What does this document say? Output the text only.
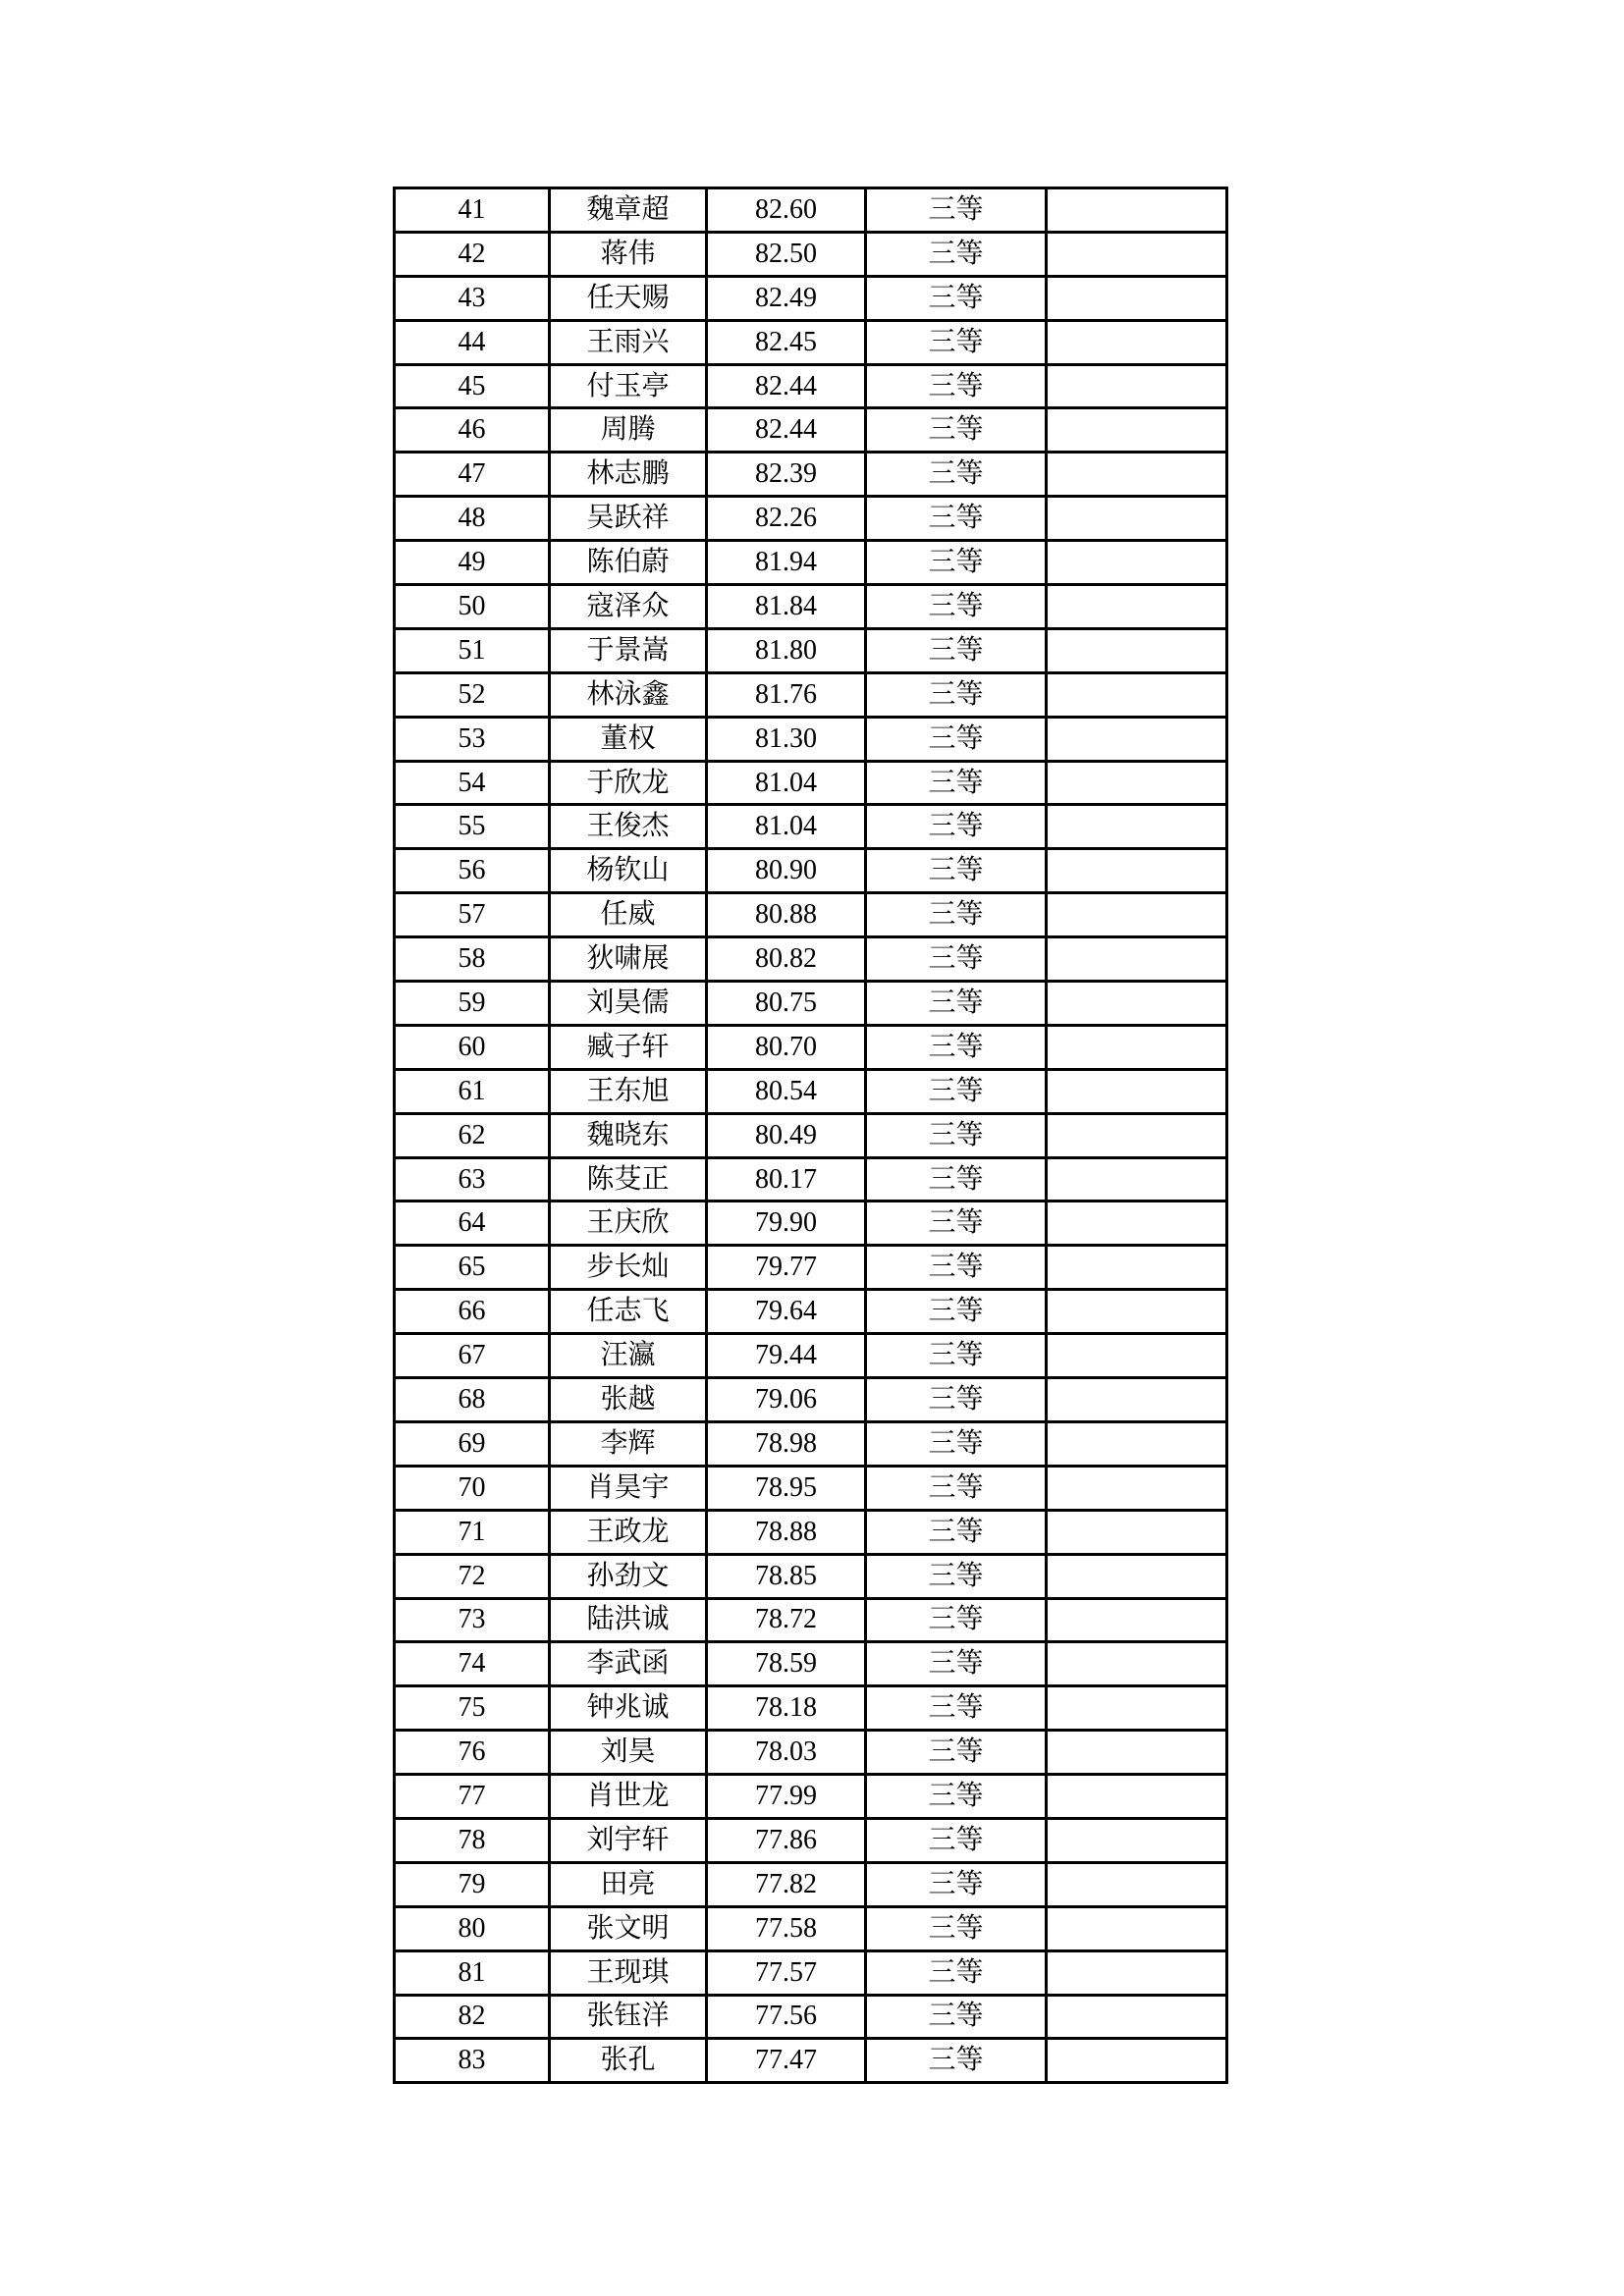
41	魏章超	82.60	三等	
42	蒋伟	82.50	三等	
43	任天赐	82.49	三等	
44	王雨兴	82.45	三等	
45	付玉亭	82.44	三等	
46	周腾	82.44	三等	
47	林志鹏	82.39	三等	
48	吴跃祥	82.26	三等	
49	陈伯蔚	81.94	三等	
50	寇泽众	81.84	三等	
51	于景嵩	81.80	三等	
52	林泳鑫	81.76	三等	
53	董权	81.30	三等	
54	于欣龙	81.04	三等	
55	王俊杰	81.04	三等	
56	杨钦山	80.90	三等	
57	任威	80.88	三等	
58	狄啸展	80.82	三等	
59	刘昊儒	80.75	三等	
60	臧子轩	80.70	三等	
61	王东旭	80.54	三等	
62	魏晓东	80.49	三等	
63	陈芟正	80.17	三等	
64	王庆欣	79.90	三等	
65	步长灿	79.77	三等	
66	任志飞	79.64	三等	
67	汪瀛	79.44	三等	
68	张越	79.06	三等	
69	李辉	78.98	三等	
70	肖昊宇	78.95	三等	
71	王政龙	78.88	三等	
72	孙劲文	78.85	三等	
73	陆洪诚	78.72	三等	
74	李武函	78.59	三等	
75	钟兆诚	78.18	三等	
76	刘昊	78.03	三等	
77	肖世龙	77.99	三等	
78	刘宇轩	77.86	三等	
79	田亮	77.82	三等	
80	张文明	77.58	三等	
81	王现琪	77.57	三等	
82	张钰洋	77.56	三等	
83	张孔	77.47	三等	
